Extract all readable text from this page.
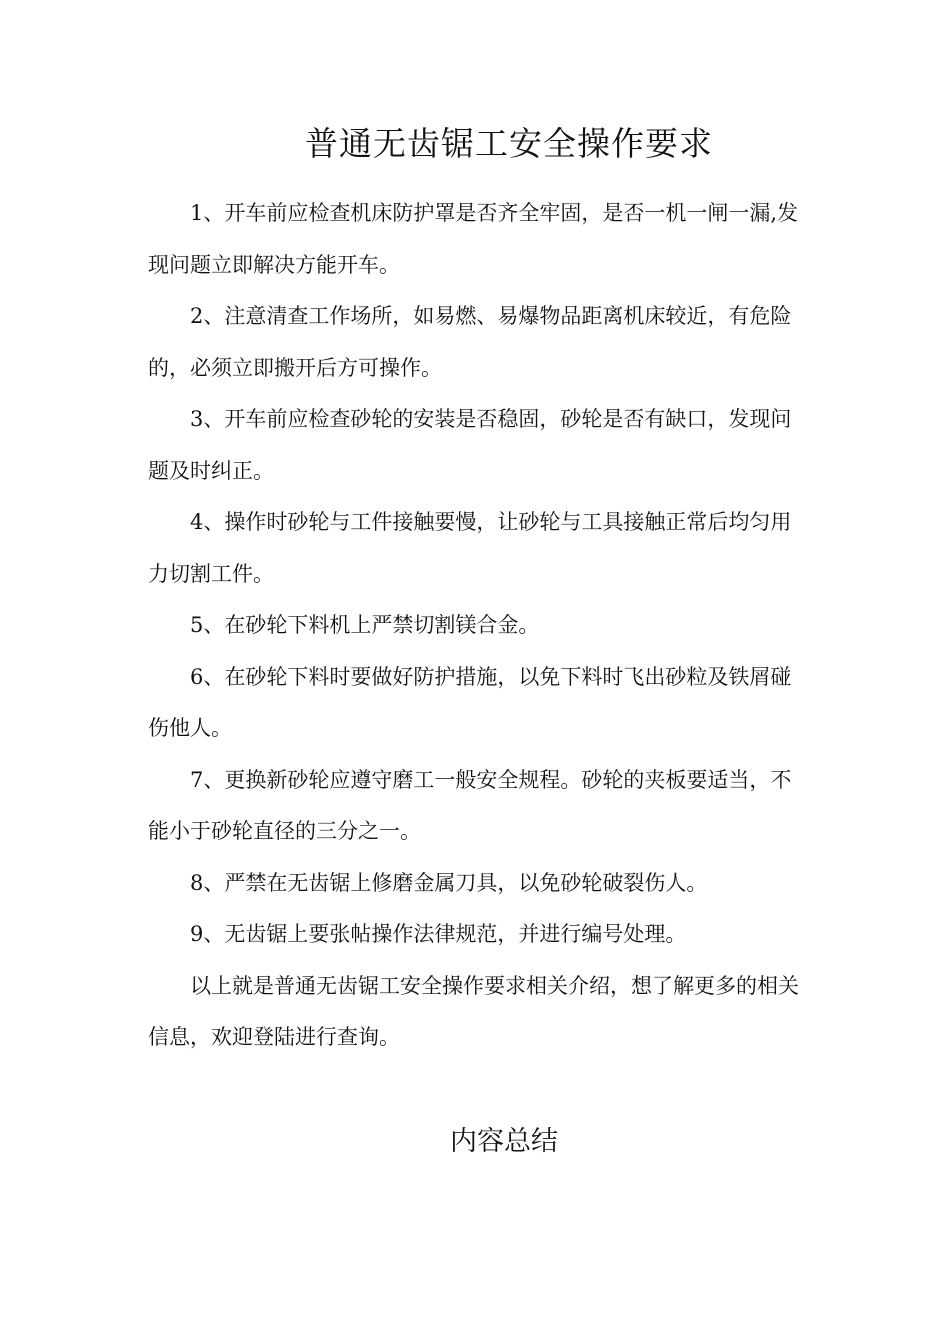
普通无齿锯工安全操作要求

1、开车前应检查机床防护罩是否齐全牢固，是否一机一闸一漏,发现问题立即解决方能开车。

2、注意清查工作场所，如易燃、易爆物品距离机床较近，有危险的，必须立即搬开后方可操作。

3、开车前应检查砂轮的安装是否稳固，砂轮是否有缺口，发现问题及时纠正。

4、操作时砂轮与工件接触要慢，让砂轮与工具接触正常后均匀用力切割工件。

5、在砂轮下料机上严禁切割镁合金。

6、在砂轮下料时要做好防护措施，以免下料时飞出砂粒及铁屑碰伤他人。

7、更换新砂轮应遵守磨工一般安全规程。砂轮的夹板要适当，不能小于砂轮直径的三分之一。

8、严禁在无齿锯上修磨金属刀具，以免砂轮破裂伤人。

9、无齿锯上要张帖操作法律规范，并进行编号处理。

以上就是普通无齿锯工安全操作要求相关介绍，想了解更多的相关信息，欢迎登陆进行查询。

内容总结
